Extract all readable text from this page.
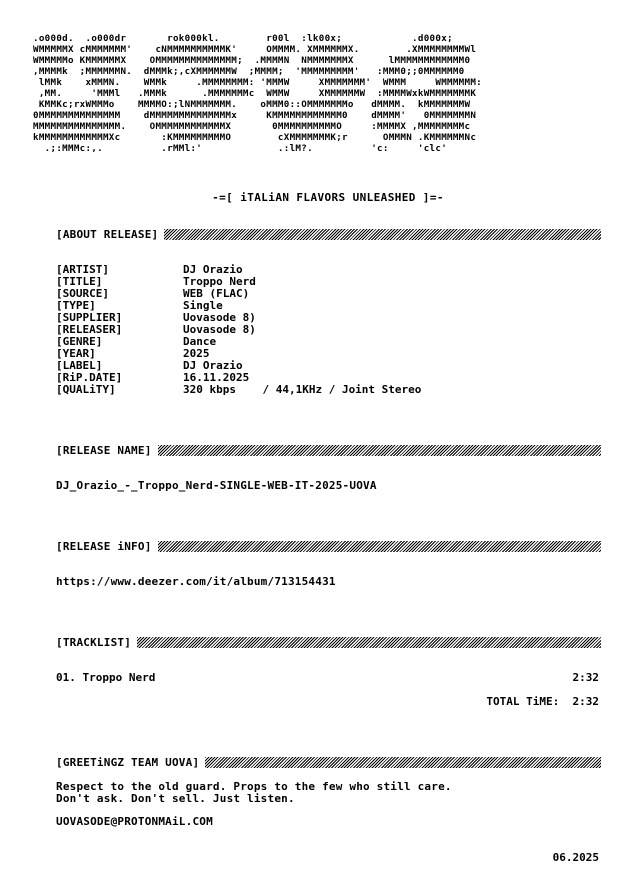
.o000d.  .o000dr       rok000kl.        r00l  :lk00x;            .d000x;
WMMMMMX cMMMMMMM'    cNMMMMMMMMMMK'     OMMMM. XMMMMMMX.        .XMMMMMMMMWl
WMMMMMo KMMMMMMX    OMMMMMMMMMMMMMM;  .MMMMN  NMMMMMMMX      lMMMMMMMMMMMM0
,MMMMk  ;MMMMMMN.  dMMMk;,cXMMMMMMW  ;MMMM;  'MMMMMMMMM'   :MMM0;;0MMMMMM0
lMMk    xMMMN.    WMMk     .MMMMMMMM: 'MMMW     XMMMMMMM'  WMMM     WMMMMMM:
,MM.     'MMMl   .MMMk      .MMMMMMMc  WMMW     XMMMMMMW  :MMMMWxkWMMMMMMMK
KMMKc;rxWMMMo    MMMMO:;lNMMMMMMM.    oMMM0::OMMMMMMMo   dMMMM.  kMMMMMMMW
0MMMMMMMMMMMMMM    dMMMMMMMMMMMMMMx     KMMMMMMMMMMMM0    dMMMM'   0MMMMMMMN
MMMMMMMMMMMMMMM.    OMMMMMMMMMMMMX       0MMMMMMMMMMO     :MMMMX ,MMMMMMMMc
kMMMMMMMMMMMMXc       :KMMMMMMMMMO        cXMMMMMMMK;r      OMMMN .KMMMMMMNc
.;:MMMc:,.          .rMMl:'             .:lM?.          'c:     'clc'
-=[ iTALiAN FLAVORS UNLEASHED ]=-
[ABOUT RELEASE]
[ARTIST]	DJ Orazio
[TITLE]	Troppo Nerd
[SOURCE]	WEB (FLAC)
[TYPE]	Single
[SUPPLIER]	Uovasode 8)
[RELEASER]	Uovasode 8)
[GENRE]	Dance
[YEAR]	2025
[LABEL]	DJ Orazio
[RiP.DATE]	16.11.2025
[QUALiTY]	320 kbps    / 44,1KHz / Joint Stereo
[RELEASE NAME]
DJ_Orazio_-_Troppo_Nerd-SINGLE-WEB-IT-2025-UOVA
[RELEASE iNFO]
https://www.deezer.com/it/album/713154431
[TRACKLIST]
01. Troppo Nerd	2:32
TOTAL TiME:  2:32
[GREETiNGZ TEAM UOVA]
Respect to the old guard. Props to the few who still care.
Don't ask. Don't sell. Just listen.
UOVASODE@PROTONMAiL.COM
06.2025
